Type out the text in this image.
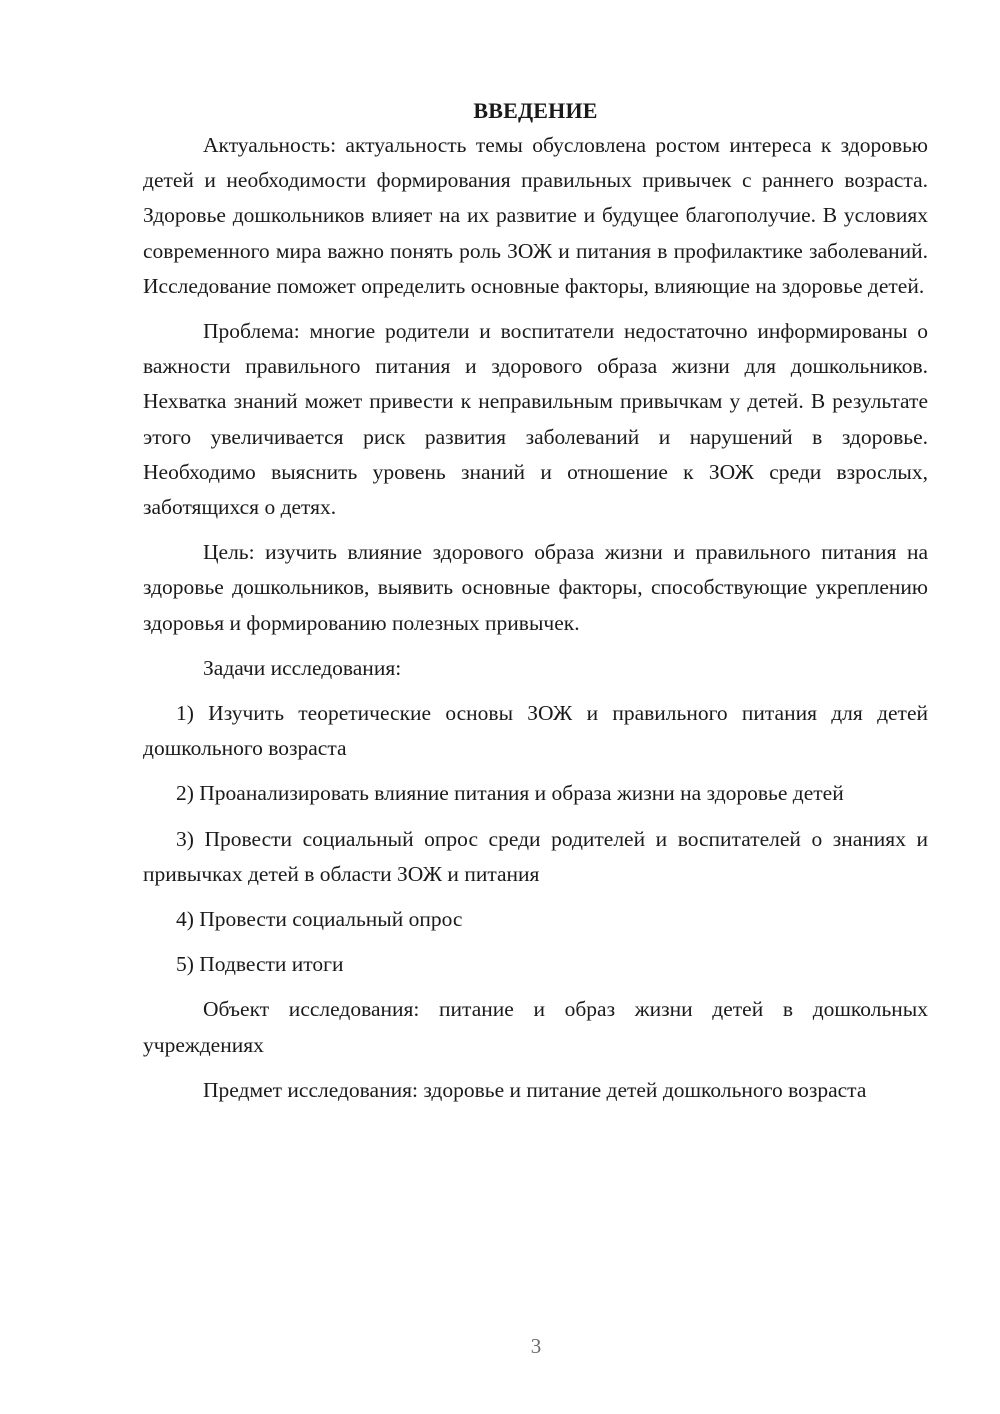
ВВЕДЕНИЕ

Актуальность: актуальность темы обусловлена ростом интереса к здоровью детей и необходимости формирования правильных привычек с раннего возраста. Здоровье дошкольников влияет на их развитие и будущее благополучие. В условиях современного мира важно понять роль ЗОЖ и питания в профилактике заболеваний. Исследование поможет определить основные факторы, влияющие на здоровье детей.

Проблема: многие родители и воспитатели недостаточно информированы о важности правильного питания и здорового образа жизни для дошкольников. Нехватка знаний может привести к неправильным привычкам у детей. В результате этого увеличивается риск развития заболеваний и нарушений в здоровье. Необходимо выяснить уровень знаний и отношение к ЗОЖ среди взрослых, заботящихся о детях.

Цель: изучить влияние здорового образа жизни и правильного питания на здоровье дошкольников, выявить основные факторы, способствующие укреплению здоровья и формированию полезных привычек.

Задачи исследования:

1) Изучить теоретические основы ЗОЖ и правильного питания для детей дошкольного возраста

2) Проанализировать влияние питания и образа жизни на здоровье детей

3) Провести социальный опрос среди родителей и воспитателей о знаниях и привычках детей в области ЗОЖ и питания

4) Провести социальный опрос

5) Подвести итоги

Объект исследования: питание и образ жизни детей в дошкольных учреждениях

Предмет исследования: здоровье и питание детей дошкольного возраста

3
